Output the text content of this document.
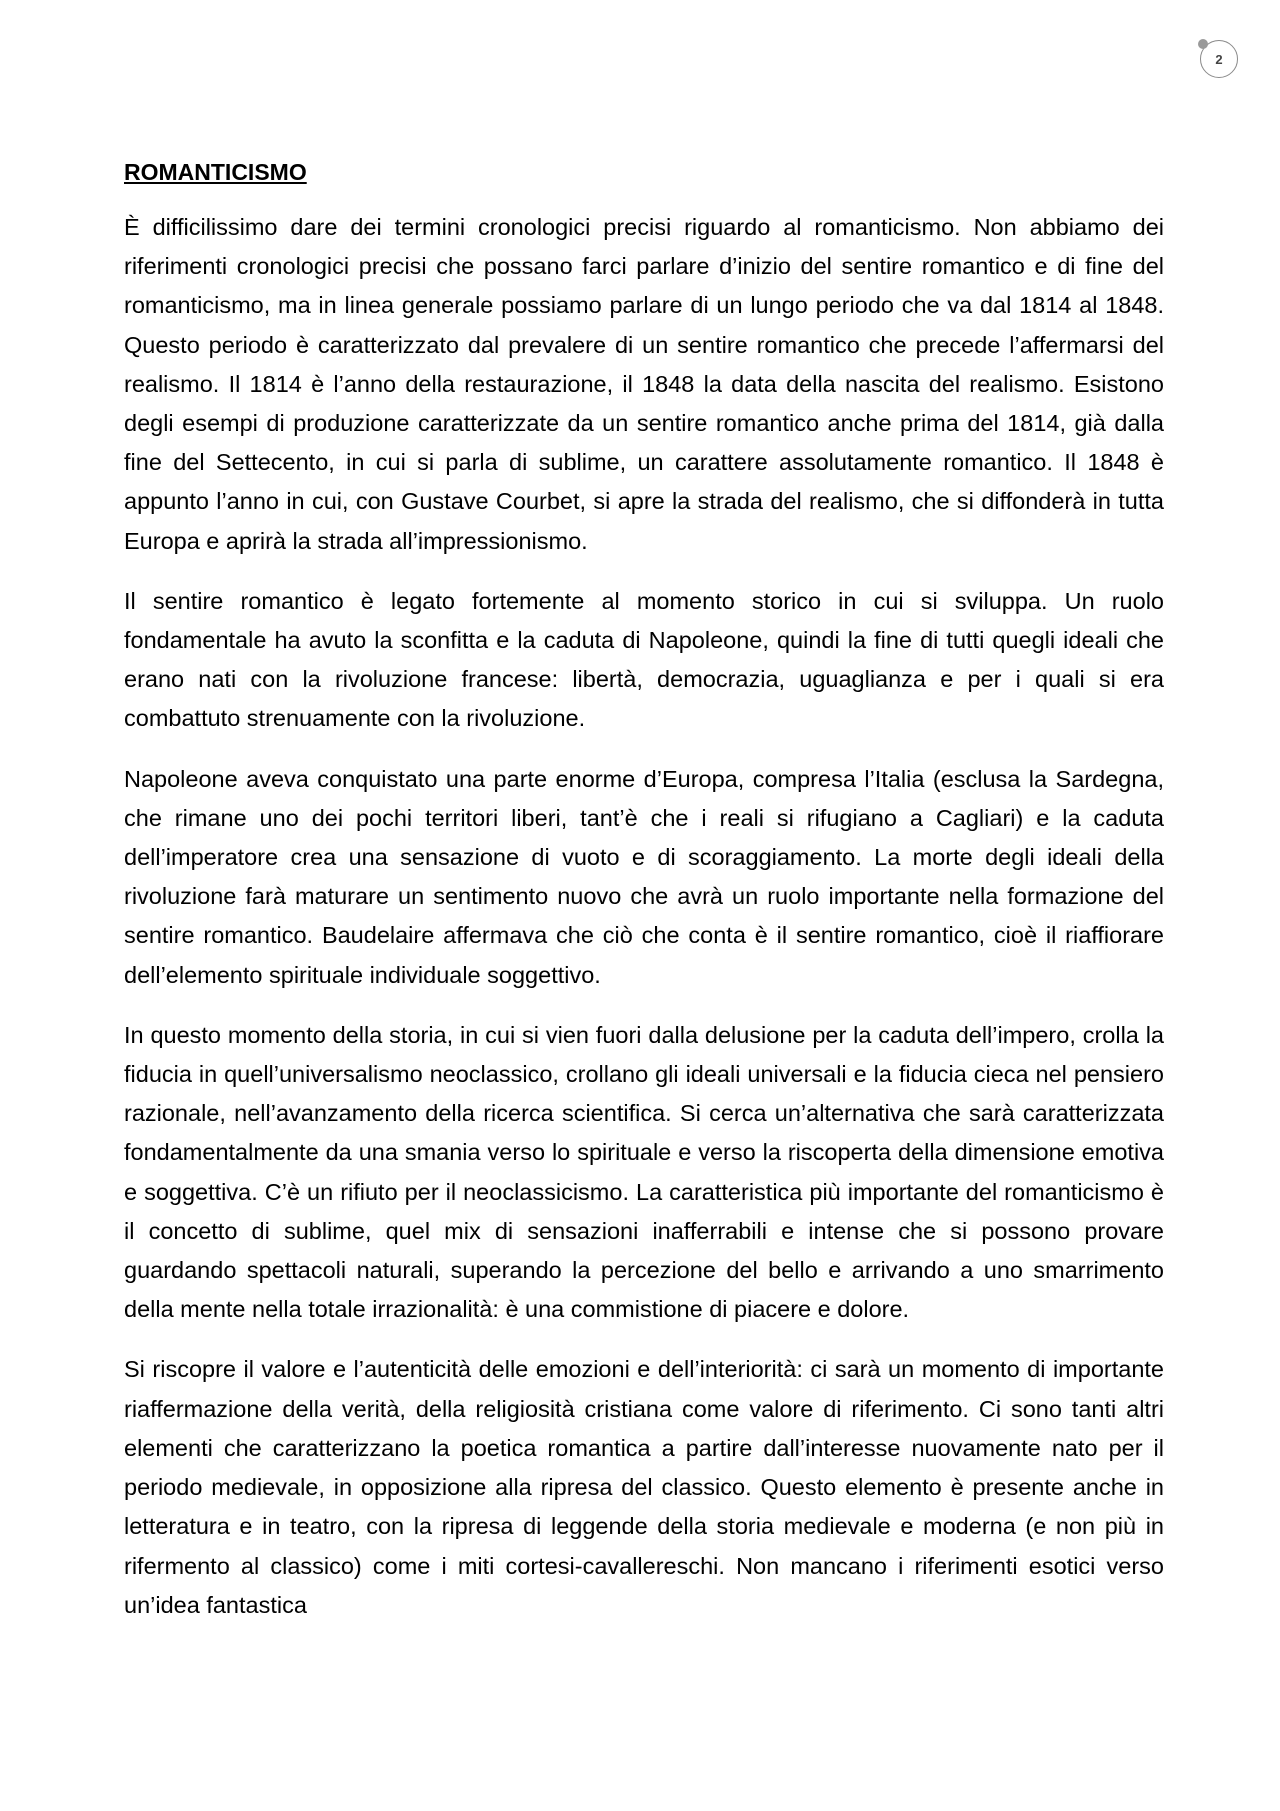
2
ROMANTICISMO

È difficilissimo dare dei termini cronologici precisi riguardo al romanticismo. Non abbiamo dei riferimenti cronologici precisi che possano farci parlare d’inizio del sentire romantico e di fine del romanticismo, ma in linea generale possiamo parlare di un lungo periodo che va dal 1814 al 1848. Questo periodo è caratterizzato dal prevalere di un sentire romantico che precede l’affermarsi del realismo. Il 1814 è l’anno della restaurazione, il 1848 la data della nascita del realismo. Esistono degli esempi di produzione caratterizzate da un sentire romantico anche prima del 1814, già dalla fine del Settecento, in cui si parla di sublime, un carattere assolutamente romantico. Il 1848 è appunto l’anno in cui, con Gustave Courbet, si apre la strada del realismo, che si diffonderà in tutta Europa e aprirà la strada all’impressionismo.

Il sentire romantico è legato fortemente al momento storico in cui si sviluppa. Un ruolo fondamentale ha avuto la sconfitta e la caduta di Napoleone, quindi la fine di tutti quegli ideali che erano nati con la rivoluzione francese: libertà, democrazia, uguaglianza e per i quali si era combattuto strenuamente con la rivoluzione.

Napoleone aveva conquistato una parte enorme d’Europa, compresa l’Italia (esclusa la Sardegna, che rimane uno dei pochi territori liberi, tant’è che i reali si rifugiano a Cagliari) e la caduta dell’imperatore crea una sensazione di vuoto e di scoraggiamento. La morte degli ideali della rivoluzione farà maturare un sentimento nuovo che avrà un ruolo importante nella formazione del sentire romantico. Baudelaire affermava che ciò che conta è il sentire romantico, cioè il riaffiorare dell’elemento spirituale individuale soggettivo.

In questo momento della storia, in cui si vien fuori dalla delusione per la caduta dell’impero, crolla la fiducia in quell’universalismo neoclassico, crollano gli ideali universali e la fiducia cieca nel pensiero razionale, nell’avanzamento della ricerca scientifica. Si cerca un’alternativa che sarà caratterizzata fondamentalmente da una smania verso lo spirituale e verso la riscoperta della dimensione emotiva e soggettiva. C’è un rifiuto per il neoclassicismo. La caratteristica più importante del romanticismo è il concetto di sublime, quel mix di sensazioni inafferrabili e intense che si possono provare guardando spettacoli naturali, superando la percezione del bello e arrivando a uno smarrimento della mente nella totale irrazionalità: è una commistione di piacere e dolore.

Si riscopre il valore e l’autenticità delle emozioni e dell’interiorità: ci sarà un momento di importante riaffermazione della verità, della religiosità cristiana come valore di riferimento. Ci sono tanti altri elementi che caratterizzano la poetica romantica a partire dall’interesse nuovamente nato per il periodo medievale, in opposizione alla ripresa del classico. Questo elemento è presente anche in letteratura e in teatro, con la ripresa di leggende della storia medievale e moderna (e non più in rifermento al classico) come i miti cortesi-cavallereschi. Non mancano i riferimenti esotici verso un’idea fantastica
